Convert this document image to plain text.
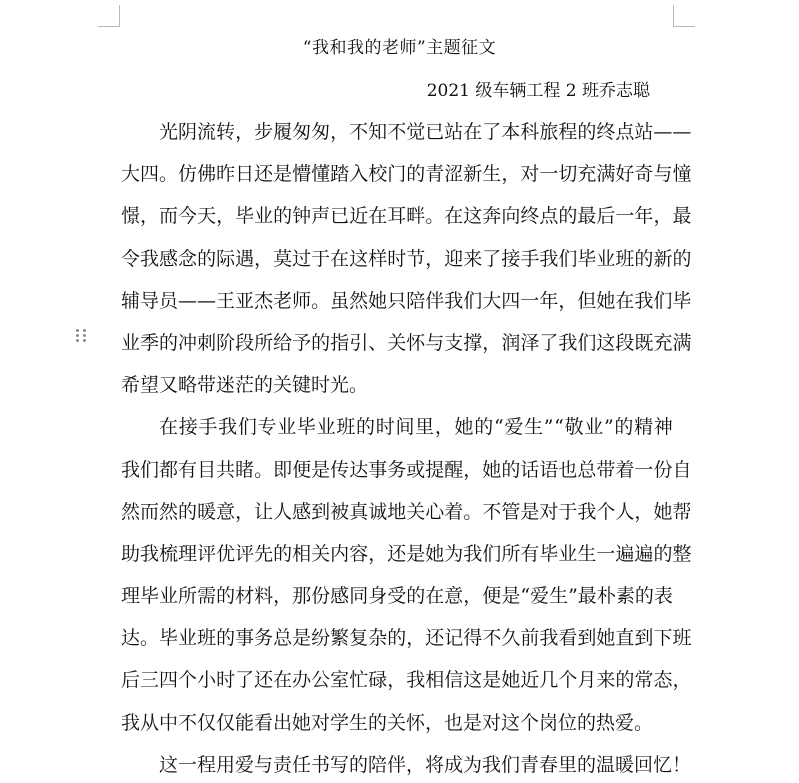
“我和我的老师”主题征文
2021 级车辆工程 2 班乔志聪
光 阴 流 转 ， 步 履 匆 匆 ， 不 知 不 觉 已 站 在 了 本 科 旅 程 的 终 点 站 — —
大 四 。 仿 佛 昨 日 还 是 懵 懂 踏 入 校 门 的 青 涩 新 生 ， 对 一 切 充 满 好 奇 与 憧
憬 ， 而 今 天 ， 毕 业 的 钟 声 已 近 在 耳 畔 。 在 这 奔 向 终 点 的 最 后 一 年 ， 最
令 我 感 念 的 际 遇 ， 莫 过 于 在 这 样 时 节 ， 迎 来 了 接 手 我 们 毕 业 班 的 新 的
辅 导 员 — — 王 亚 杰 老 师 。 虽 然 她 只 陪 伴 我 们 大 四 一 年 ， 但 她 在 我 们 毕
业 季 的 冲 刺 阶 段 所 给 予 的 指 引 、 关 怀 与 支 撑 ， 润 泽 了 我 们 这 段 既 充 满
希望又略带迷茫的关键时光。
在 接 手 我 们 专 业 毕 业 班 的 时 间 里 ， 她 的 “ 爱 生 ” “ 敬 业 ” 的 精 神
我 们 都 有 目 共 睹 。 即 便 是 传 达 事 务 或 提 醒 ， 她 的 话 语 也 总 带 着 一 份 自
然 而 然 的 暖 意 ， 让 人 感 到 被 真 诚 地 关 心 着 。 不 管 是 对 于 我 个 人 ， 她 帮
助 我 梳 理 评 优 评 先 的 相 关 内 容 ， 还 是 她 为 我 们 所 有 毕 业 生 一 遍 遍 的 整
理 毕 业 所 需 的 材 料 ， 那 份 感 同 身 受 的 在 意 ， 便 是 “ 爱 生 ” 最 朴 素 的 表
达 。 毕 业 班 的 事 务 总 是 纷 繁 复 杂 的 ， 还 记 得 不 久 前 我 看 到 她 直 到 下 班
后 三 四 个 小 时 了 还 在 办 公 室 忙 碌 ， 我 相 信 这 是 她 近 几 个 月 来 的 常 态 ，
我从中不仅仅能看出她对学生的关怀，也是对这个岗位的热爱。
这一程用爱与责任书写的陪伴，将成为我们青春里的温暖回忆！
